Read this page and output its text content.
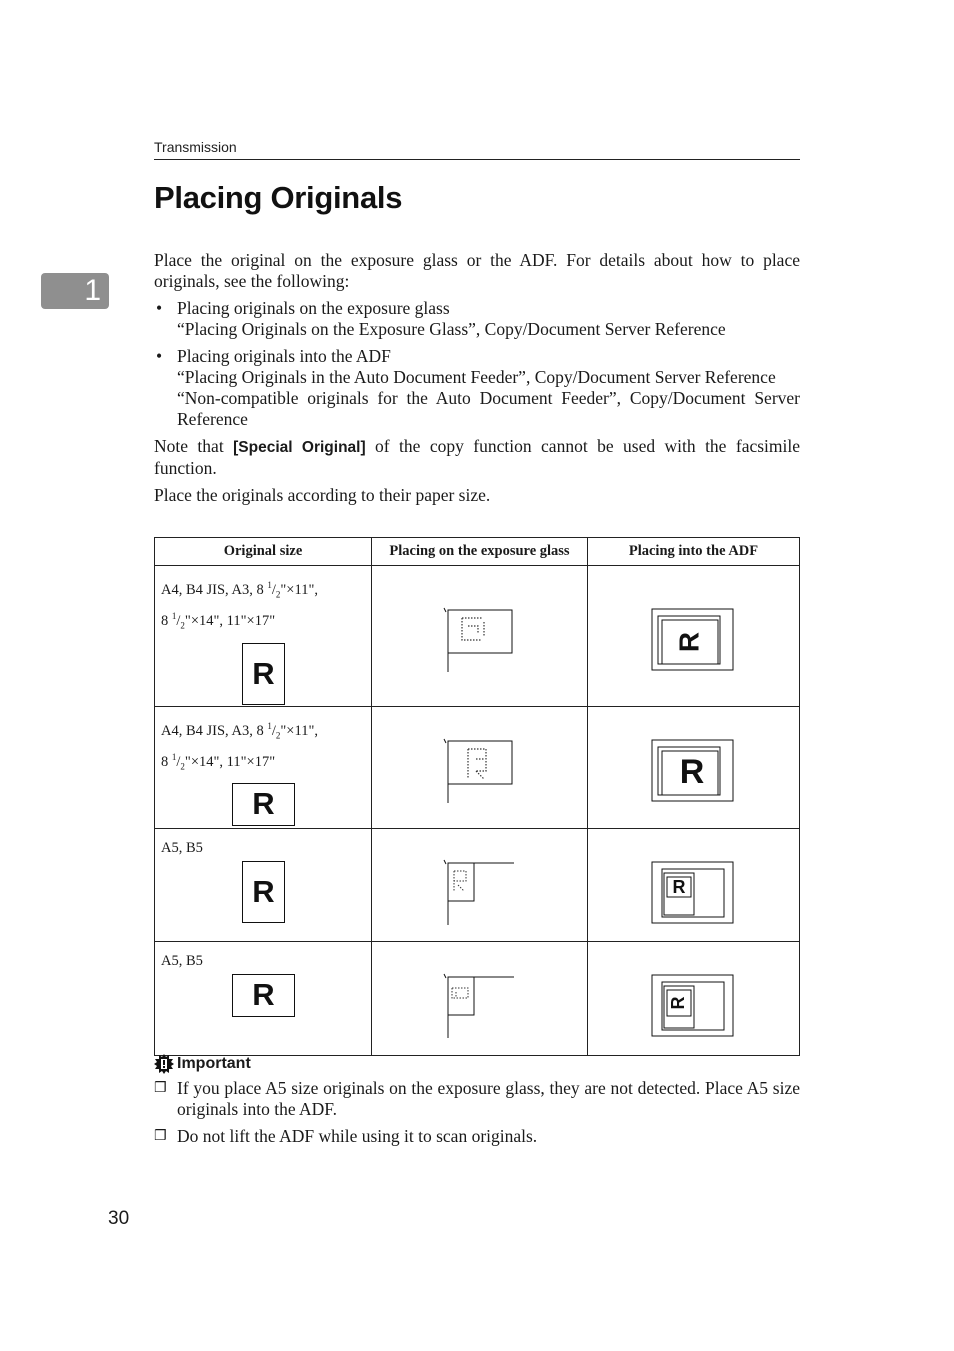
Transmission
1
Placing Originals

Place the original on the exposure glass or the ADF. For details about how to place originals, see the following:

• Placing originals on the exposure glass
“Placing Originals on the Exposure Glass”, Copy/Document Server Reference
• Placing originals into the ADF
“Placing Originals in the Auto Document Feeder”, Copy/Document Server Reference
“Non-compatible originals for the Auto Document Feeder”, Copy/Document Server Reference

Note that [Special Original] of the copy function cannot be used with the facsimile function.

Place the originals according to their paper size.

Original size	Placing on the exposure glass	Placing into the ADF

A4, B4 JIS, A3, 8 $^1/_2"\times 11$",
8 $^1/_2"\times 14$", 11"×17"
R		R

A4, B4 JIS, A3, 8 $^1/_2"\times 11$",
8 $^1/_2"\times 14$", 11"×17"
R		R

A5, B5
R		R

A5, B5
R		R
Important
❒ If you place A5 size originals on the exposure glass, they are not detected. Place A5 size originals into the ADF.
❒ Do not lift the ADF while using it to scan originals.
30
